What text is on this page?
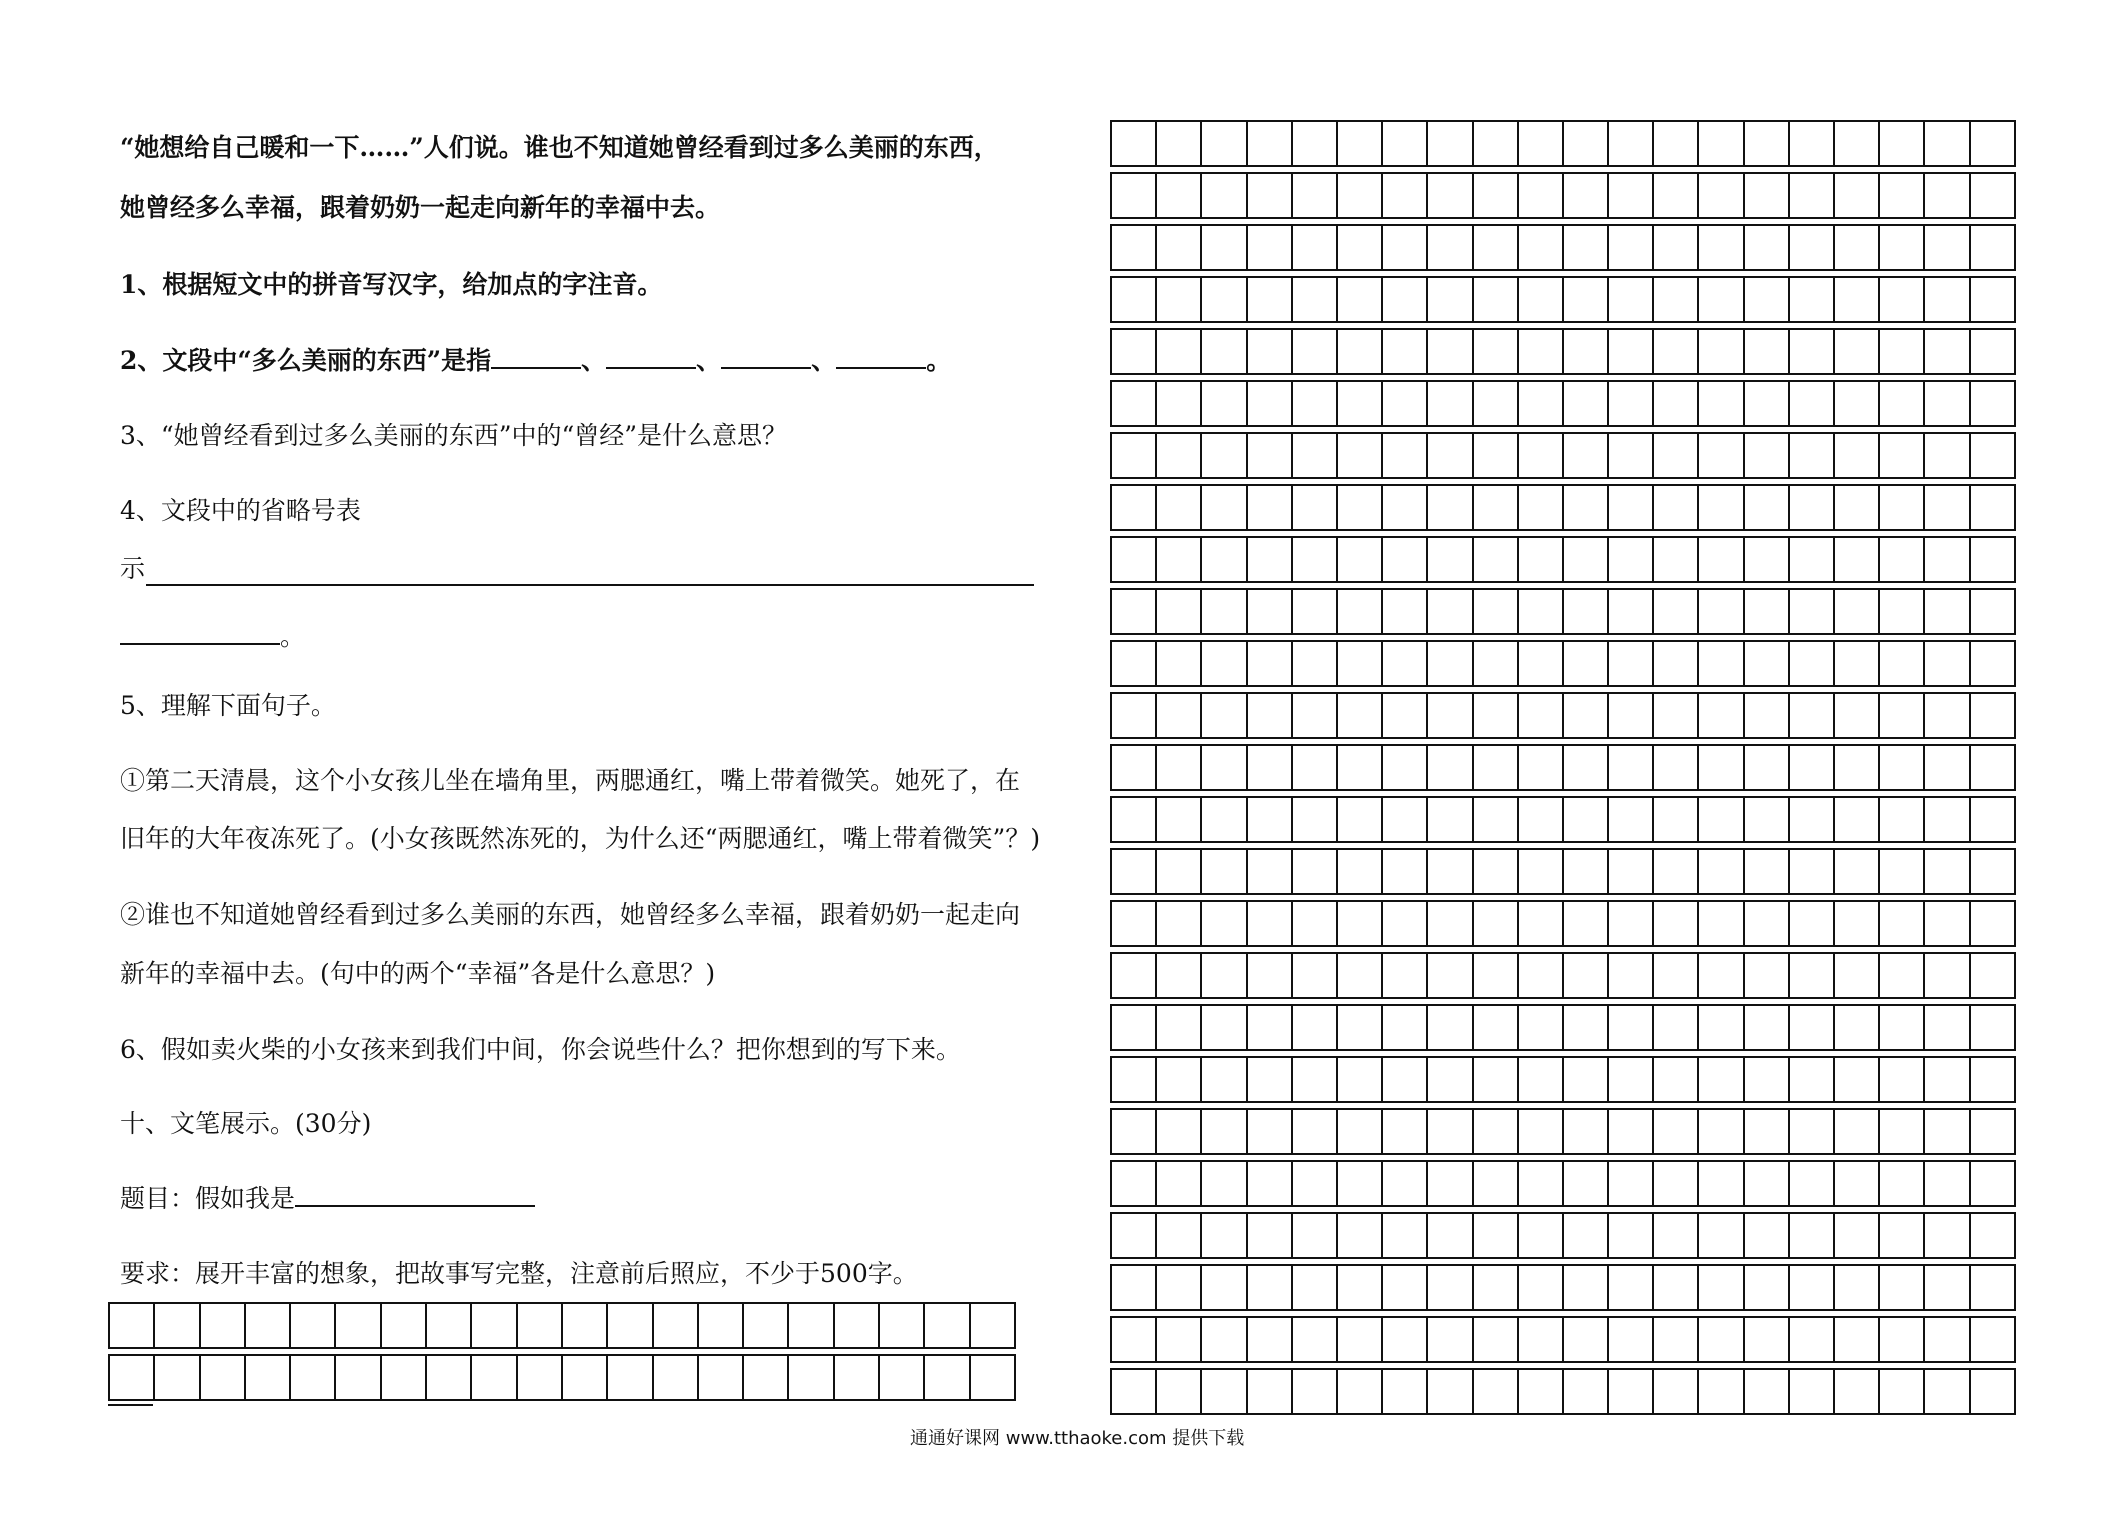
“她想给自己暖和一下……”人们说。谁也不知道她曾经看到过多么美丽的东西，
她曾经多么幸福，跟着奶奶一起走向新年的幸福中去。
1、根据短文中的拼音写汉字，给加点的字注音。
2、文段中“多么美丽的东西”是指	、	、	、	。
3、“她曾经看到过多么美丽的东西”中的“曾经”是什么意思？
4、文段中的省略号表
示
。
5、理解下面句子。
①第二天清晨，这个小女孩儿坐在墙角里，两腮通红，嘴上带着微笑。她死了，在
旧年的大年夜冻死了。(小女孩既然冻死的，为什么还“两腮通红，嘴上带着微笑”？)
②谁也不知道她曾经看到过多么美丽的东西，她曾经多么幸福，跟着奶奶一起走向
新年的幸福中去。(句中的两个“幸福”各是什么意思？)
6、假如卖火柴的小女孩来到我们中间，你会说些什么？把你想到的写下来。
十、文笔展示。(30分)
题目：假如我是
要求：展开丰富的想象，把故事写完整，注意前后照应，不少于500字。
通通好课网 www.tthaoke.com 提供下载
